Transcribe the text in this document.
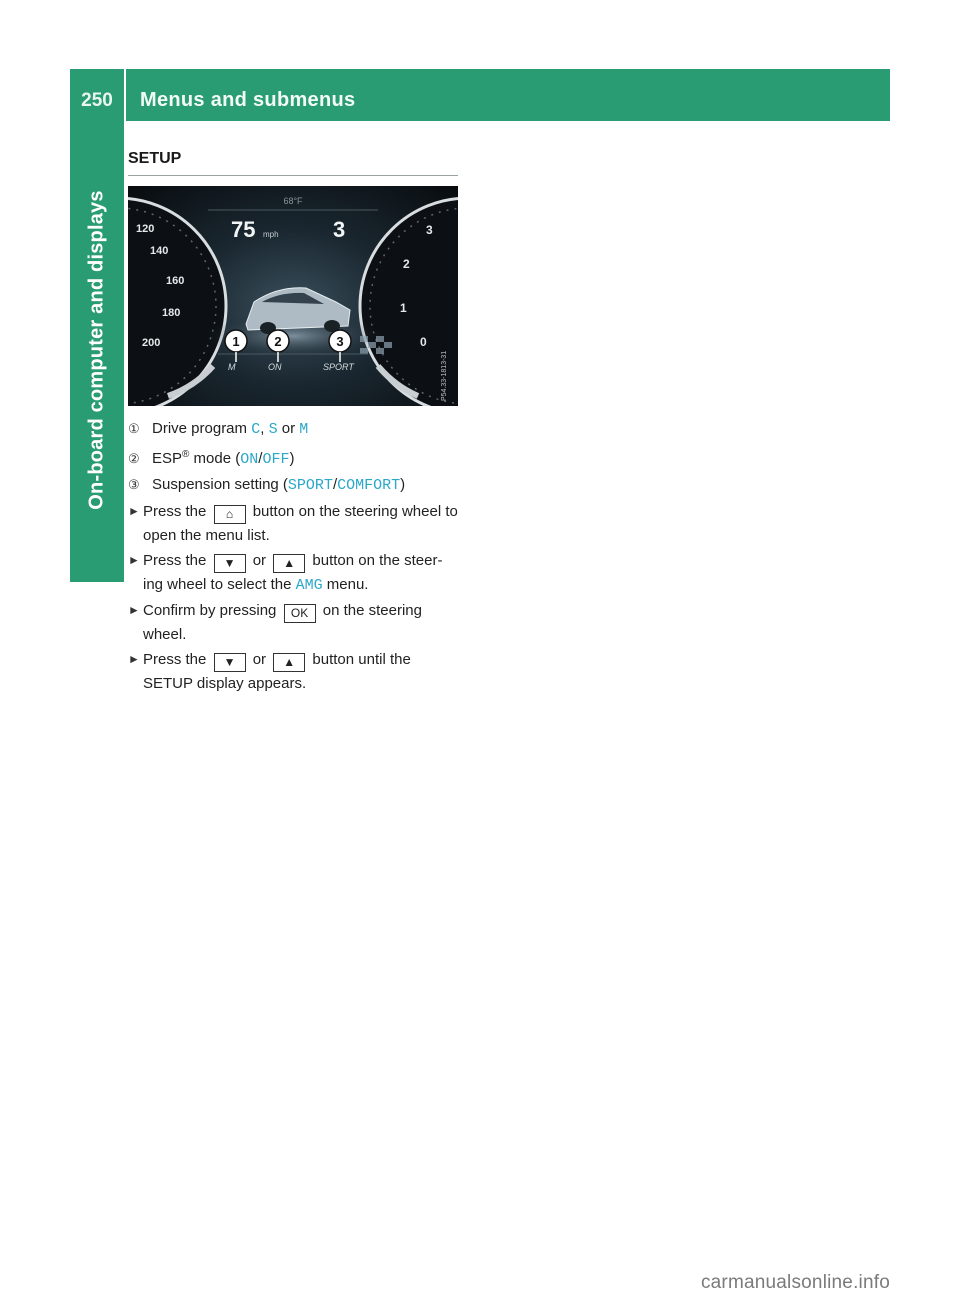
250	Menus and submenus
On-board computer and displays
SETUP
120
140
160
180
200
3
2
1
0
P54.33-1813-31
68°F
75 mph 3
1	2	3
M	ON	SPORT
① Drive program C, S or M
② ESP® mode (ON/OFF)
③ Suspension setting (SPORT/COMFORT)
► Press the ⌂ button on the steering wheel to open the menu list.
► Press the ▼ or ▲ button on the steer-ing wheel to select the AMG menu.
► Confirm by pressing OK on the steering wheel.
► Press the ▼ or ▲ button until the SETUP display appears.
carmanualsonline.info
